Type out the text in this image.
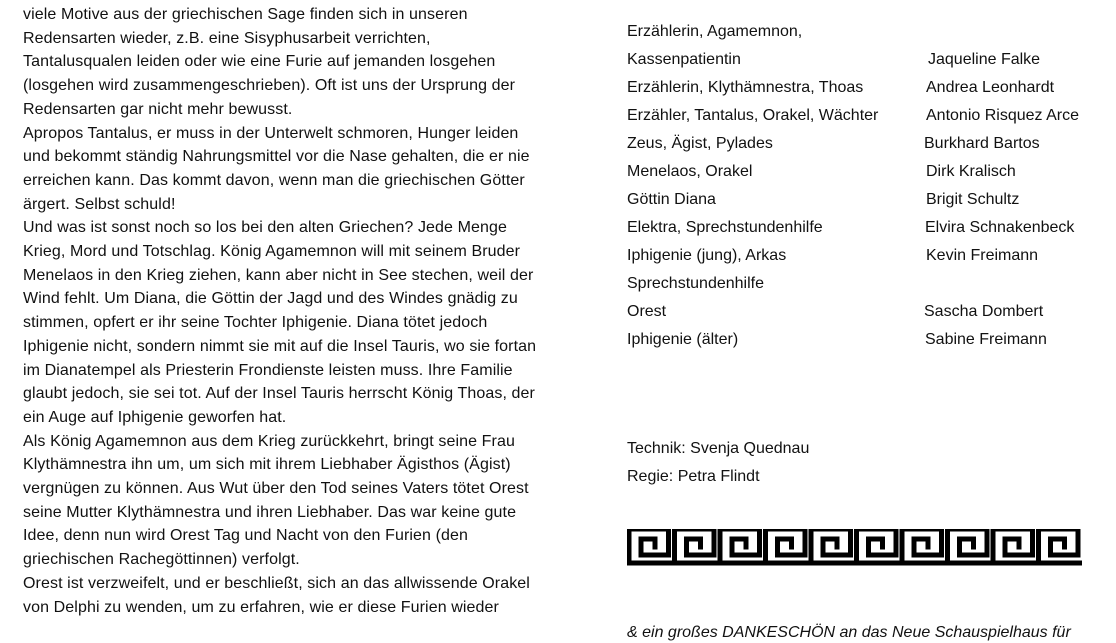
viele Motive aus der griechischen Sage finden sich in unseren
Redensarten wieder, z.B. eine Sisyphusarbeit verrichten,
Tantalusqualen leiden oder wie eine Furie auf jemanden losgehen
(losgehen wird zusammengeschrieben). Oft ist uns der Ursprung der
Redensarten gar nicht mehr bewusst.
Apropos Tantalus, er muss in der Unterwelt schmoren, Hunger leiden
und bekommt ständig Nahrungsmittel vor die Nase gehalten, die er nie
erreichen kann. Das kommt davon, wenn man die griechischen Götter
ärgert. Selbst schuld!
Und was ist sonst noch so los bei den alten Griechen? Jede Menge
Krieg, Mord und Totschlag. König Agamemnon will mit seinem Bruder
Menelaos in den Krieg ziehen, kann aber nicht in See stechen, weil der
Wind fehlt. Um Diana, die Göttin der Jagd und des Windes gnädig zu
stimmen, opfert er ihr seine Tochter Iphigenie. Diana tötet jedoch
Iphigenie nicht, sondern nimmt sie mit auf die Insel Tauris, wo sie fortan
im Dianatempel als Priesterin Frondienste leisten muss. Ihre Familie
glaubt jedoch, sie sei tot. Auf der Insel Tauris herrscht König Thoas, der
ein Auge auf Iphigenie geworfen hat.
Als König Agamemnon aus dem Krieg zurückkehrt, bringt seine Frau
Klythämnestra ihn um, um sich mit ihrem Liebhaber Ägisthos (Ägist)
vergnügen zu können. Aus Wut über den Tod seines Vaters tötet Orest
seine Mutter Klythämnestra und ihren Liebhaber. Das war keine gute
Idee, denn nun wird Orest Tag und Nacht von den Furien (den
griechischen Rachegöttinnen) verfolgt.
Orest ist verzweifelt, und er beschließt, sich an das allwissende Orakel
von Delphi zu wenden, um zu erfahren, wie er diese Furien wieder
Erzählerin, Agamemnon,
Kassenpatientin	Jaqueline Falke
Erzählerin, Klythämnestra, Thoas	Andrea Leonhardt
Erzähler, Tantalus, Orakel, Wächter	Antonio Risquez Arce
Zeus, Ägist, Pylades	Burkhard Bartos
Menelaos, Orakel	Dirk Kralisch
Göttin Diana	Brigit Schultz
Elektra, Sprechstundenhilfe	Elvira Schnakenbeck
Iphigenie (jung), Arkas	Kevin Freimann
Sprechstundenhilfe
Orest	Sascha Dombert
Iphigenie (älter)	Sabine Freimann
Technik: Svenja Quednau
Regie: Petra Flindt
& ein großes DANKESCHÖN an das Neue Schauspielhaus für
